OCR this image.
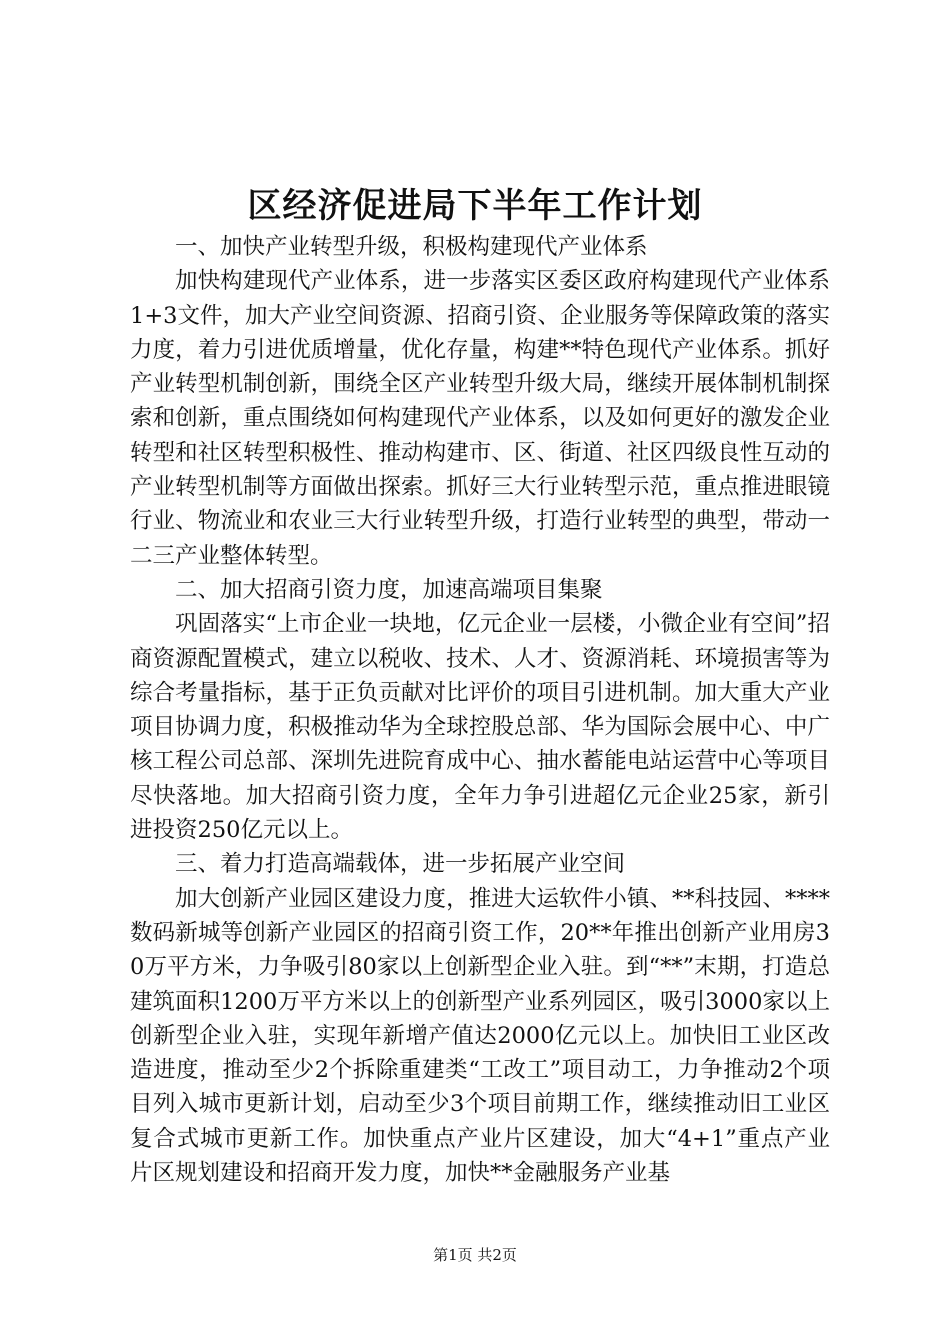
区经济促进局下半年工作计划

一、加快产业转型升级，积极构建现代产业体系

加快构建现代产业体系，进一步落实区委区政府构建现代产业体系1+3文件，加大产业空间资源、招商引资、企业服务等保障政策的落实力度，着力引进优质增量，优化存量，构建**特色现代产业体系。抓好产业转型机制创新，围绕全区产业转型升级大局，继续开展体制机制探索和创新，重点围绕如何构建现代产业体系，以及如何更好的激发企业转型和社区转型积极性、推动构建市、区、街道、社区四级良性互动的产业转型机制等方面做出探索。抓好三大行业转型示范，重点推进眼镜行业、物流业和农业三大行业转型升级，打造行业转型的典型，带动一二三产业整体转型。

二、加大招商引资力度，加速高端项目集聚

巩固落实“上市企业一块地，亿元企业一层楼，小微企业有空间”招商资源配置模式，建立以税收、技术、人才、资源消耗、环境损害等为综合考量指标，基于正负贡献对比评价的项目引进机制。加大重大产业项目协调力度，积极推动华为全球控股总部、华为国际会展中心、中广核工程公司总部、深圳先进院育成中心、抽水蓄能电站运营中心等项目尽快落地。加大招商引资力度，全年力争引进超亿元企业25家，新引进投资250亿元以上。

三、着力打造高端载体，进一步拓展产业空间

加大创新产业园区建设力度，推进大运软件小镇、**科技园、****数码新城等创新产业园区的招商引资工作，20**年推出创新产业用房30万平方米，力争吸引80家以上创新型企业入驻。到“**”末期，打造总建筑面积1200万平方米以上的创新型产业系列园区，吸引3000家以上创新型企业入驻，实现年新增产值达2000亿元以上。加快旧工业区改造进度，推动至少2个拆除重建类“工改工”项目动工，力争推动2个项目列入城市更新计划，启动至少3个项目前期工作，继续推动旧工业区复合式城市更新工作。加快重点产业片区建设，加大“4+1”重点产业片区规划建设和招商开发力度，加快**金融服务产业基

第1页 共2页
